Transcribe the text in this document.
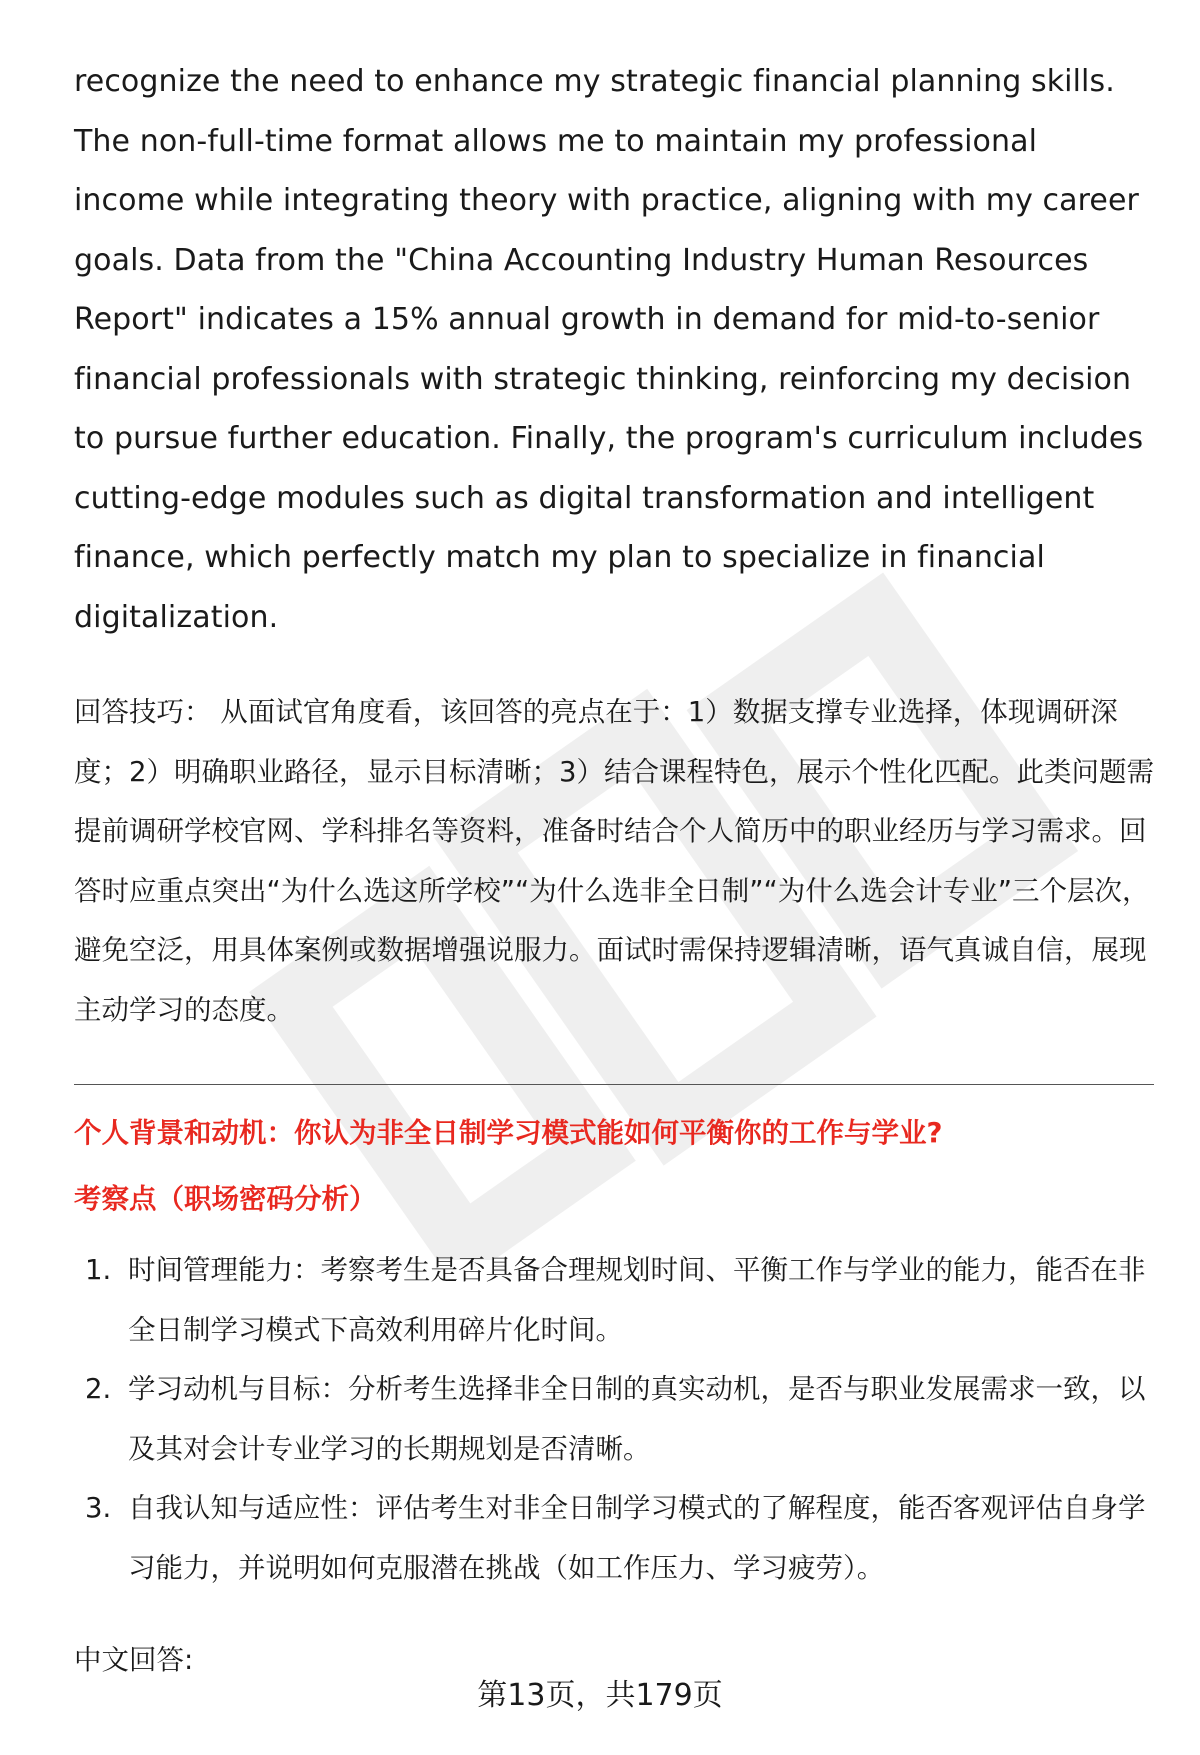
recognize the need to enhance my strategic financial planning skills. The non-full-time format allows me to maintain my professional income while integrating theory with practice, aligning with my career goals. Data from the "China Accounting Industry Human Resources Report" indicates a 15% annual growth in demand for mid-to-senior financial professionals with strategic thinking, reinforcing my decision to pursue further education. Finally, the program's curriculum includes cutting-edge modules such as digital transformation and intelligent finance, which perfectly match my plan to specialize in financial digitalization.

回答技巧： 从面试官角度看，该回答的亮点在于：1）数据支撑专业选择，体现调研深度；2）明确职业路径，显示目标清晰；3）结合课程特色，展示个性化匹配。此类问题需提前调研学校官网、学科排名等资料，准备时结合个人简历中的职业经历与学习需求。回答时应重点突出“为什么选这所学校”“为什么选非全日制”“为什么选会计专业”三个层次，避免空泛，用具体案例或数据增强说服力。面试时需保持逻辑清晰，语气真诚自信，展现主动学习的态度。

个人背景和动机：你认为非全日制学习模式能如何平衡你的工作与学业?
考察点（职场密码分析）
1. 时间管理能力：考察考生是否具备合理规划时间、平衡工作与学业的能力，能否在非全日制学习模式下高效利用碎片化时间。
2. 学习动机与目标：分析考生选择非全日制的真实动机，是否与职业发展需求一致，以及其对会计专业学习的长期规划是否清晰。
3. 自我认知与适应性：评估考生对非全日制学习模式的了解程度，能否客观评估自身学习能力，并说明如何克服潜在挑战（如工作压力、学习疲劳）。
中文回答:
第13页，共179页
